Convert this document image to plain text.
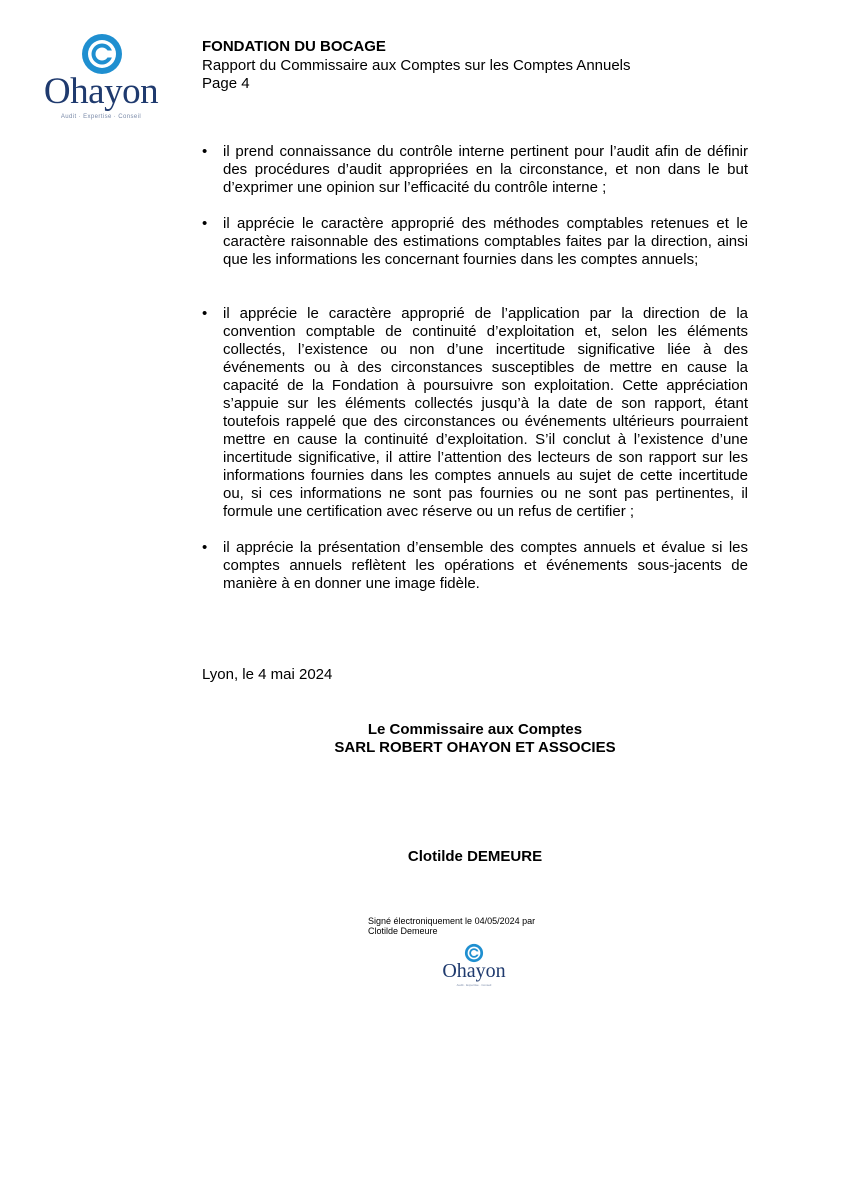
Ohayon
Audit · Expertise · Conseil
FONDATION DU BOCAGE
Rapport du Commissaire aux Comptes sur les Comptes Annuels
Page 4
• il prend connaissance du contrôle interne pertinent pour l’audit afin de définir des procédures d’audit appropriées en la circonstance, et non dans le but d’exprimer une opinion sur l’efficacité du contrôle interne ;
• il apprécie le caractère approprié des méthodes comptables retenues et le caractère raisonnable des estimations comptables faites par la direction, ainsi que les informations les concernant fournies dans les comptes annuels;
• il apprécie le caractère approprié de l’application par la direction de la convention comptable de continuité d’exploitation et, selon les éléments collectés, l’existence ou non d’une incertitude significative liée à des événements ou à des circonstances susceptibles de mettre en cause la capacité de la Fondation à poursuivre son exploitation. Cette appréciation s’appuie sur les éléments collectés jusqu’à la date de son rapport, étant toutefois rappelé que des circonstances ou événements ultérieurs pourraient mettre en cause la continuité d’exploitation. S’il conclut à l’existence d’une incertitude significative, il attire l’attention des lecteurs de son rapport sur les informations fournies dans les comptes annuels au sujet de cette incertitude ou, si ces informations ne sont pas fournies ou ne sont pas pertinentes, il formule une certification avec réserve ou un refus de certifier ;
• il apprécie la présentation d’ensemble des comptes annuels et évalue si les comptes annuels reflètent les opérations et événements sous-jacents de manière à en donner une image fidèle.
Lyon, le 4 mai 2024
Le Commissaire aux Comptes
SARL ROBERT OHAYON ET ASSOCIES
Clotilde DEMEURE
Signé électroniquement le 04/05/2024 par
Clotilde Demeure
Ohayon
Audit · Expertise · Conseil
